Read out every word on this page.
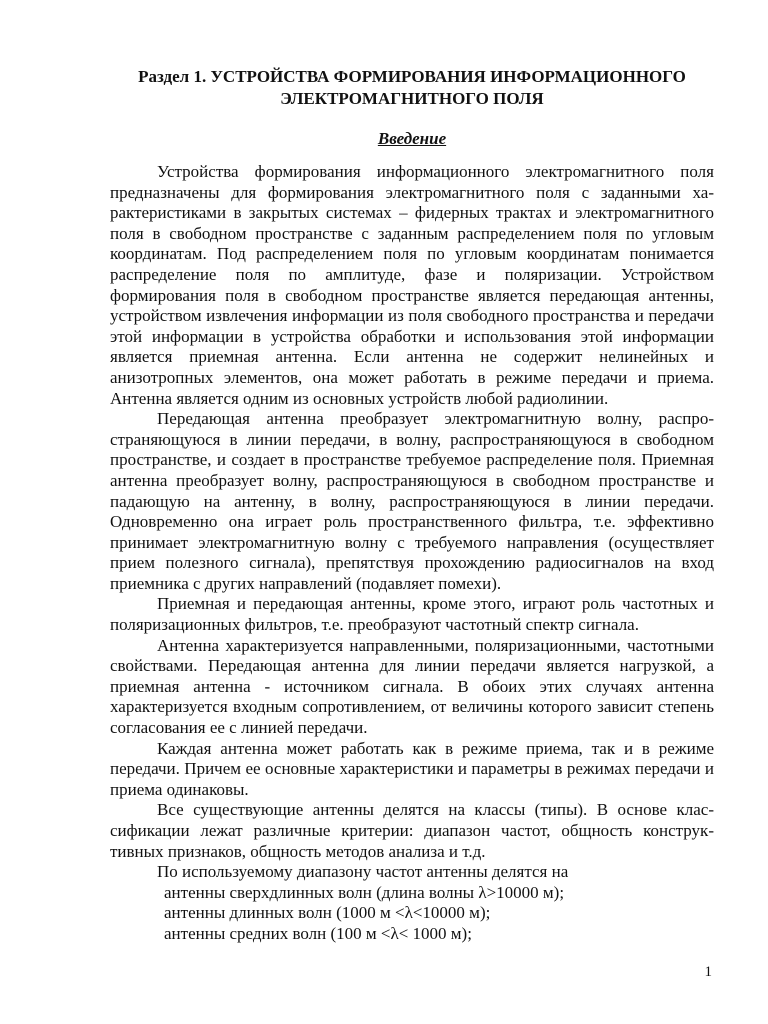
Раздел 1. УСТРОЙСТВА ФОРМИРОВАНИЯ ИНФОРМАЦИОННОГО
ЭЛЕКТРОМАГНИТНОГО ПОЛЯ
Введение

Устройства формирования информационного электромагнитного поля предназначены для формирования электромагнитного поля с заданными характеристиками в закрытых системах – фидерных трактах и электромагнитного поля в свободном пространстве с заданным распределением поля по угловым координатам. Под распределением поля по угловым координатам понимается распределение поля по амплитуде, фазе и поляризации. Устройством формирования поля в свободном пространстве является передающая антенны, устройством извлечения информации из поля свободного пространства и передачи этой информации в устройства обработки и использования этой информации является приемная антенна. Если антенна не содержит нелинейных и анизотропных элементов, она может работать в режиме передачи и приема. Антенна является одним из основных устройств любой радиолинии.

Передающая антенна преобразует электромагнитную волну, распространяющуюся в линии передачи, в волну, распространяющуюся в свободном пространстве, и создает в пространстве требуемое распределение поля. Приемная антенна преобразует волну, распространяющуюся в свободном пространстве и падающую на антенну, в волну, распространяющуюся в линии передачи. Одновременно она играет роль пространственного фильтра, т.е. эффективно принимает электромагнитную волну с требуемого направления (осуществляет прием полезного сигнала), препятствуя прохождению радиосигналов на вход приемника с других направлений (подавляет помехи).

Приемная и передающая антенны, кроме этого, играют роль частотных и поляризационных фильтров, т.е. преобразуют частотный спектр сигнала.

Антенна характеризуется направленными, поляризационными, частотными свойствами. Передающая антенна для линии передачи является нагрузкой, а приемная антенна - источником сигнала. В обоих этих случаях антенна характеризуется входным сопротивлением, от величины которого зависит степень согласования ее с линией передачи.

Каждая антенна может работать как в режиме приема, так и в режиме передачи. Причем ее основные характеристики и параметры в режимах передачи и приема одинаковы.

Все существующие антенны делятся на классы (типы). В основе классификации лежат различные критерии: диапазон частот, общность конструктивных признаков, общность методов анализа и т.д.

По используемому диапазону частот антенны делятся на

антенны сверхдлинных волн (длина волны λ>10000 м);

антенны длинных волн (1000 м <λ<10000 м);

антенны средних волн (100 м <λ< 1000 м);

1
